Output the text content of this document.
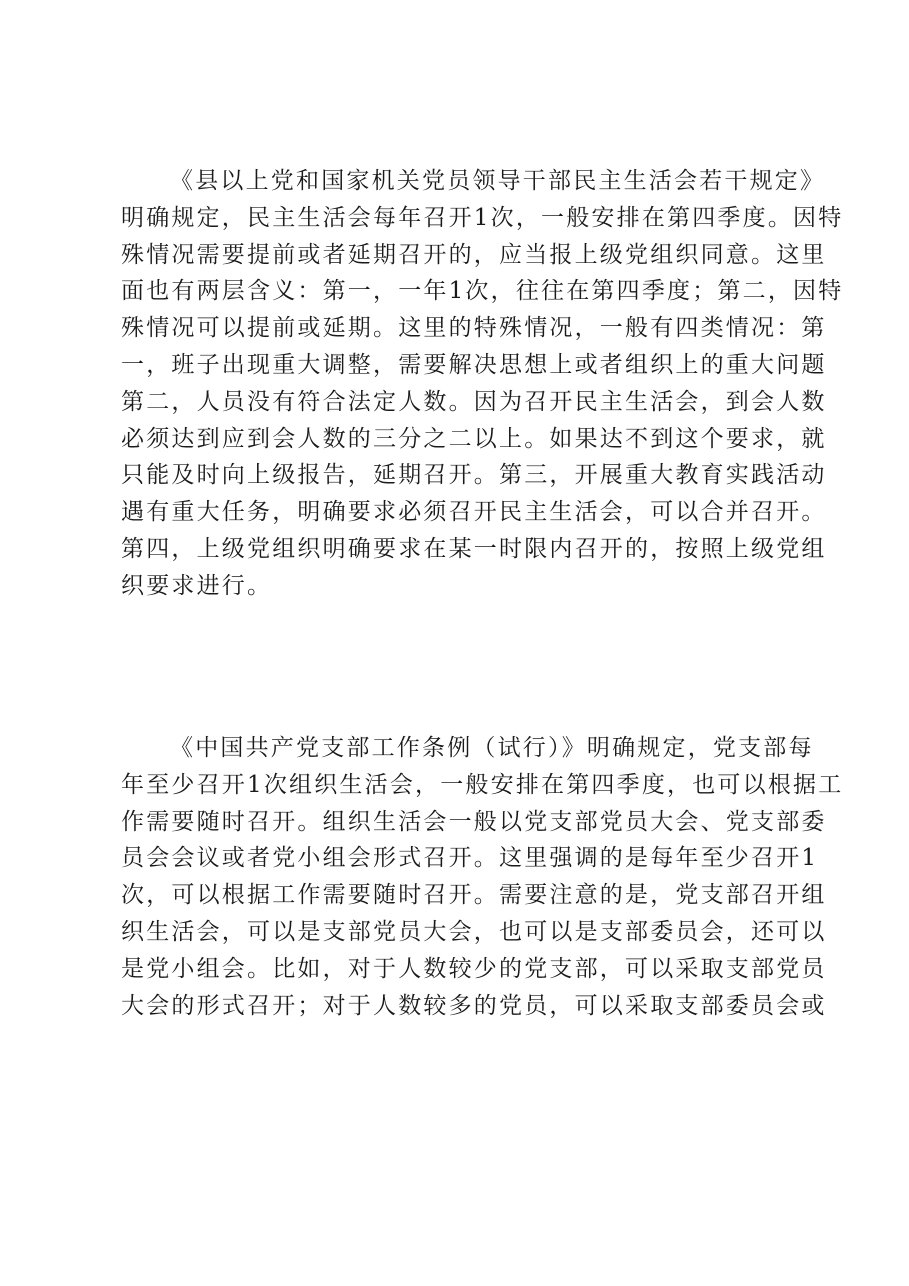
《县以上党和国家机关党员领导干部民主生活会若干规定》
明确规定，民主生活会每年召开1次，一般安排在第四季度。因特
殊情况需要提前或者延期召开的，应当报上级党组织同意。这里
面也有两层含义：第一，一年1次，往往在第四季度；第二，因特
殊情况可以提前或延期。这里的特殊情况，一般有四类情况：第
一，班子出现重大调整，需要解决思想上或者组织上的重大问题
第二，人员没有符合法定人数。因为召开民主生活会，到会人数
必须达到应到会人数的三分之二以上。如果达不到这个要求，就
只能及时向上级报告，延期召开。第三，开展重大教育实践活动
遇有重大任务，明确要求必须召开民主生活会，可以合并召开。
第四，上级党组织明确要求在某一时限内召开的，按照上级党组
织要求进行。
《中国共产党支部工作条例（试行）》明确规定，党支部每
年至少召开1次组织生活会，一般安排在第四季度，也可以根据工
作需要随时召开。组织生活会一般以党支部党员大会、党支部委
员会会议或者党小组会形式召开。这里强调的是每年至少召开1
次，可以根据工作需要随时召开。需要注意的是，党支部召开组
织生活会，可以是支部党员大会，也可以是支部委员会，还可以
是党小组会。比如，对于人数较少的党支部，可以采取支部党员
大会的形式召开；对于人数较多的党员，可以采取支部委员会或
